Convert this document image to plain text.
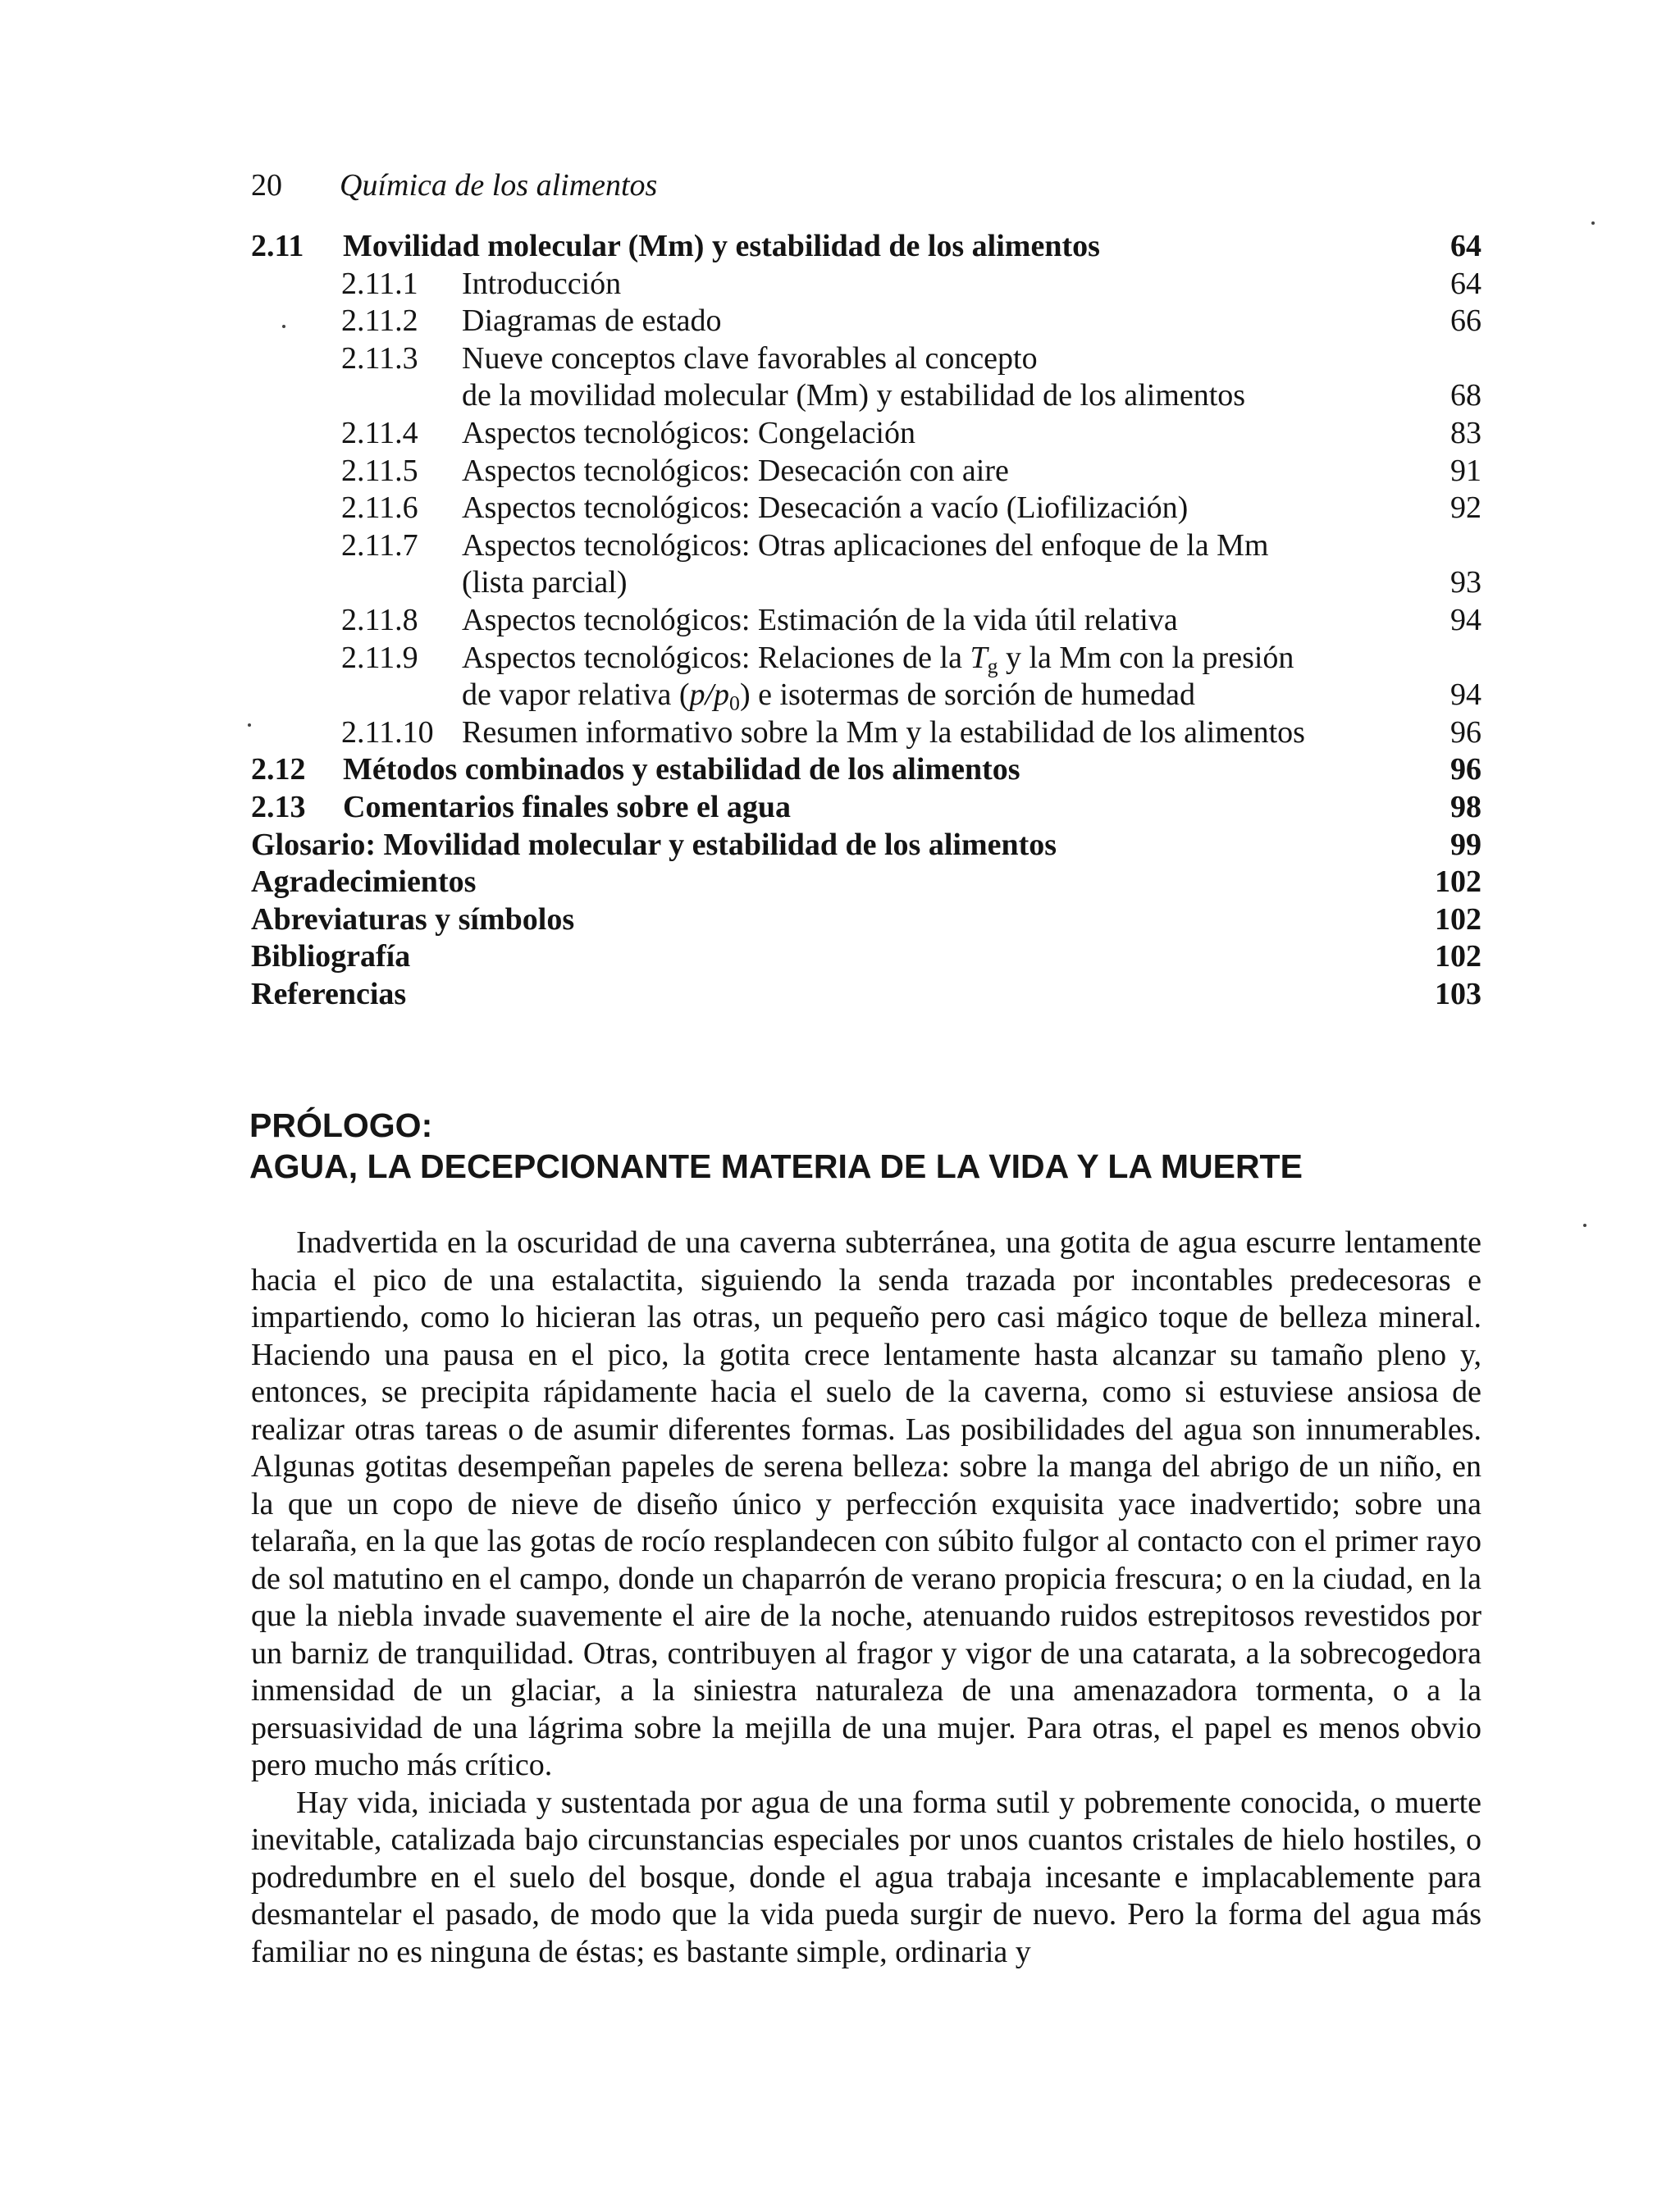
20 Química de los alimentos
2.11 Movilidad molecular (Mm) y estabilidad de los alimentos	64
2.11.1 Introducción	64
2.11.2 Diagramas de estado	66
2.11.3 Nueve conceptos clave favorables al concepto
de la movilidad molecular (Mm) y estabilidad de los alimentos	68
2.11.4 Aspectos tecnológicos: Congelación	83
2.11.5 Aspectos tecnológicos: Desecación con aire	91
2.11.6 Aspectos tecnológicos: Desecación a vacío (Liofilización)	92
2.11.7 Aspectos tecnológicos: Otras aplicaciones del enfoque de la Mm
(lista parcial)	93
2.11.8 Aspectos tecnológicos: Estimación de la vida útil relativa	94
2.11.9 Aspectos tecnológicos: Relaciones de la $T_g$ y la Mm con la presión
de vapor relativa $(p/p_0)$ e isotermas de sorción de humedad	94
2.11.10 Resumen informativo sobre la Mm y la estabilidad de los alimentos	96
2.12 Métodos combinados y estabilidad de los alimentos	96
2.13 Comentarios finales sobre el agua	98
Glosario: Movilidad molecular y estabilidad de los alimentos	99
Agradecimientos	102
Abreviaturas y símbolos	102
Bibliografía	102
Referencias	103
PRÓLOGO:
AGUA, LA DECEPCIONANTE MATERIA DE LA VIDA Y LA MUERTE

Inadvertida en la oscuridad de una caverna subterránea, una gotita de agua escurre lentamente hacia el pico de una estalactita, siguiendo la senda trazada por incontables predecesoras e impartiendo, como lo hicieran las otras, un pequeño pero casi mágico toque de belleza mineral. Haciendo una pausa en el pico, la gotita crece lentamente hasta alcanzar su tamaño pleno y, entonces, se precipita rápidamente hacia el suelo de la caverna, como si estuviese ansiosa de realizar otras tareas o de asumir diferentes formas. Las posibilidades del agua son innumerables. Algunas gotitas desempeñan papeles de serena belleza: sobre la manga del abrigo de un niño, en la que un copo de nieve de diseño único y perfección exquisita yace inadvertido; sobre una telaraña, en la que las gotas de rocío resplandecen con súbito fulgor al contacto con el primer rayo de sol matutino en el campo, donde un chaparrón de verano propicia frescura; o en la ciudad, en la que la niebla invade suavemente el aire de la noche, atenuando ruidos estrepitosos revestidos por un barniz de tranquilidad. Otras, contribuyen al fragor y vigor de una catarata, a la sobrecogedora inmensidad de un glaciar, a la siniestra naturaleza de una amenazadora tormenta, o a la persuasividad de una lágrima sobre la mejilla de una mujer. Para otras, el papel es menos obvio pero mucho más crítico.

Hay vida, iniciada y sustentada por agua de una forma sutil y pobremente conocida, o muerte inevitable, catalizada bajo circunstancias especiales por unos cuantos cristales de hielo hostiles, o podredumbre en el suelo del bosque, donde el agua trabaja incesante e implacablemente para desmantelar el pasado, de modo que la vida pueda surgir de nuevo. Pero la forma del agua más familiar no es ninguna de éstas; es bastante simple, ordinaria y
